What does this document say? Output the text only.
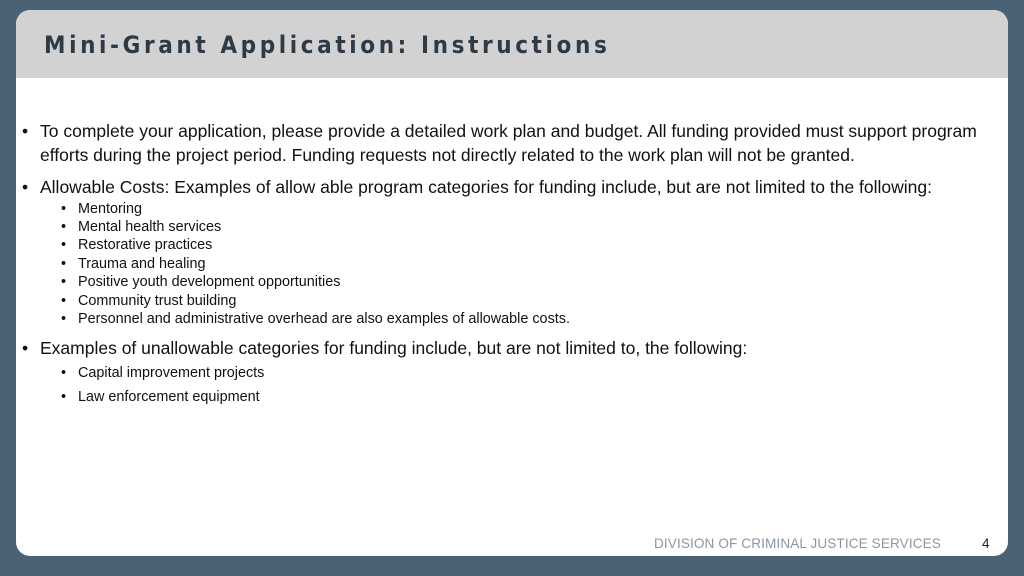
Mini-Grant Application: Instructions
• To complete your application, please provide a detailed work plan and budget. All funding provided must support program efforts during the project period. Funding requests not directly related to the work plan will not be granted.
• Allowable Costs: Examples of allow able program categories for funding include, but are not limited to the following:
• Mentoring
• Mental health services
• Restorative practices
• Trauma and healing
• Positive youth development opportunities
• Community trust building
• Personnel and administrative overhead are also examples of allowable costs.
• Examples of unallowable categories for funding include, but are not limited to, the following:
• Capital improvement projects
• Law enforcement equipment
DIVISION OF CRIMINAL JUSTICE SERVICES	4
